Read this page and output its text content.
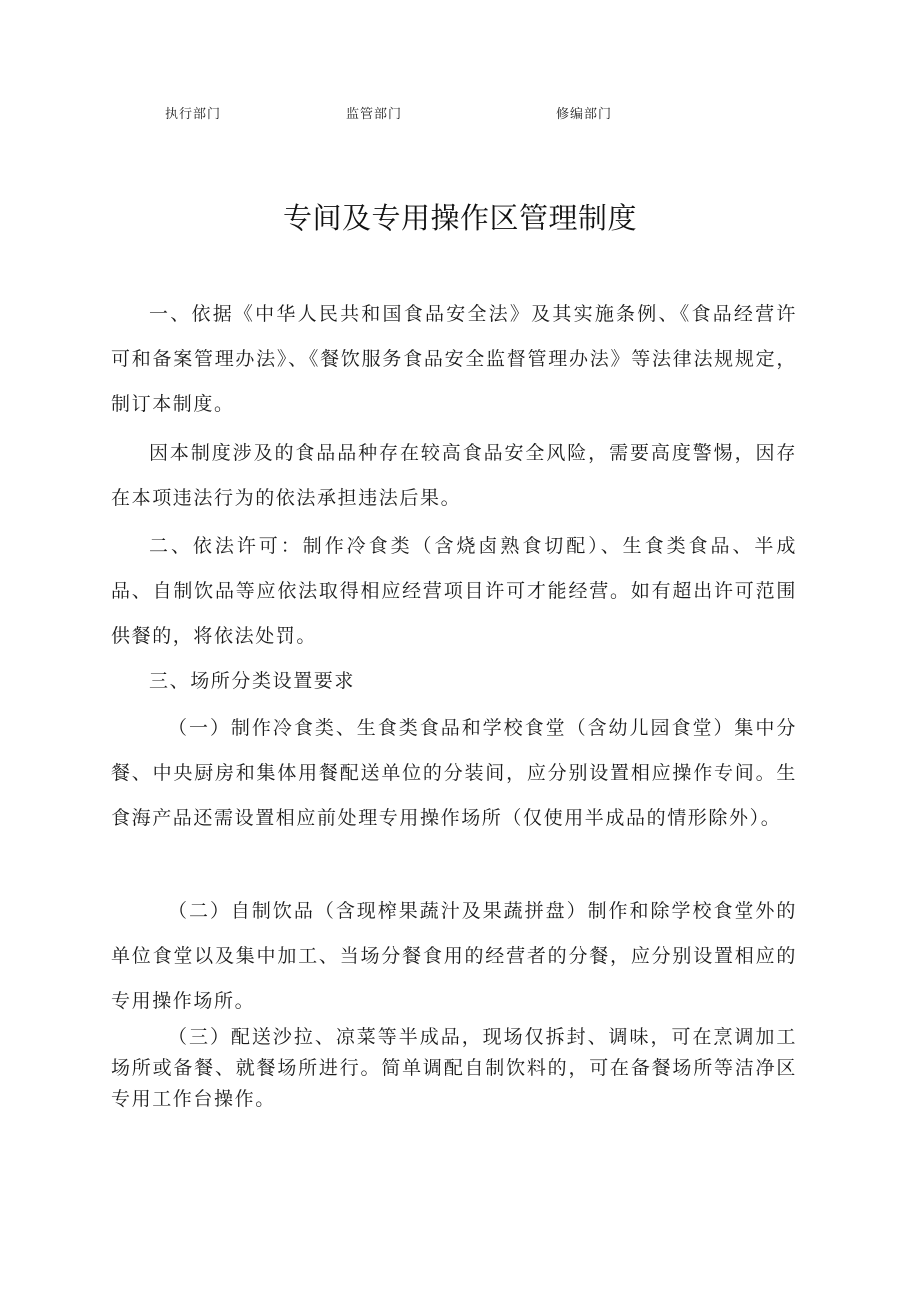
执行部门	监管部门	修编部门
专间及专用操作区管理制度

一、依据《中华人民共和国食品安全法》及其实施条例、《食品经营许可和备案管理办法》、《餐饮服务食品安全监督管理办法》等法律法规规定，制订本制度。

因本制度涉及的食品品种存在较高食品安全风险，需要高度警惕，因存在本项违法行为的依法承担违法后果。

二、依法许可：制作冷食类（含烧卤熟食切配）、生食类食品、半成品、自制饮品等应依法取得相应经营项目许可才能经营。如有超出许可范围供餐的，将依法处罚。

三、场所分类设置要求

（一）制作冷食类、生食类食品和学校食堂（含幼儿园食堂）集中分餐、中央厨房和集体用餐配送单位的分装间，应分别设置相应操作专间。生食海产品还需设置相应前处理专用操作场所（仅使用半成品的情形除外）。

（二）自制饮品（含现榨果蔬汁及果蔬拼盘）制作和除学校食堂外的单位食堂以及集中加工、当场分餐食用的经营者的分餐，应分别设置相应的专用操作场所。

（三）配送沙拉、凉菜等半成品，现场仅拆封、调味，可在烹调加工场所或备餐、就餐场所进行。简单调配自制饮料的，可在备餐场所等洁净区专用工作台操作。
